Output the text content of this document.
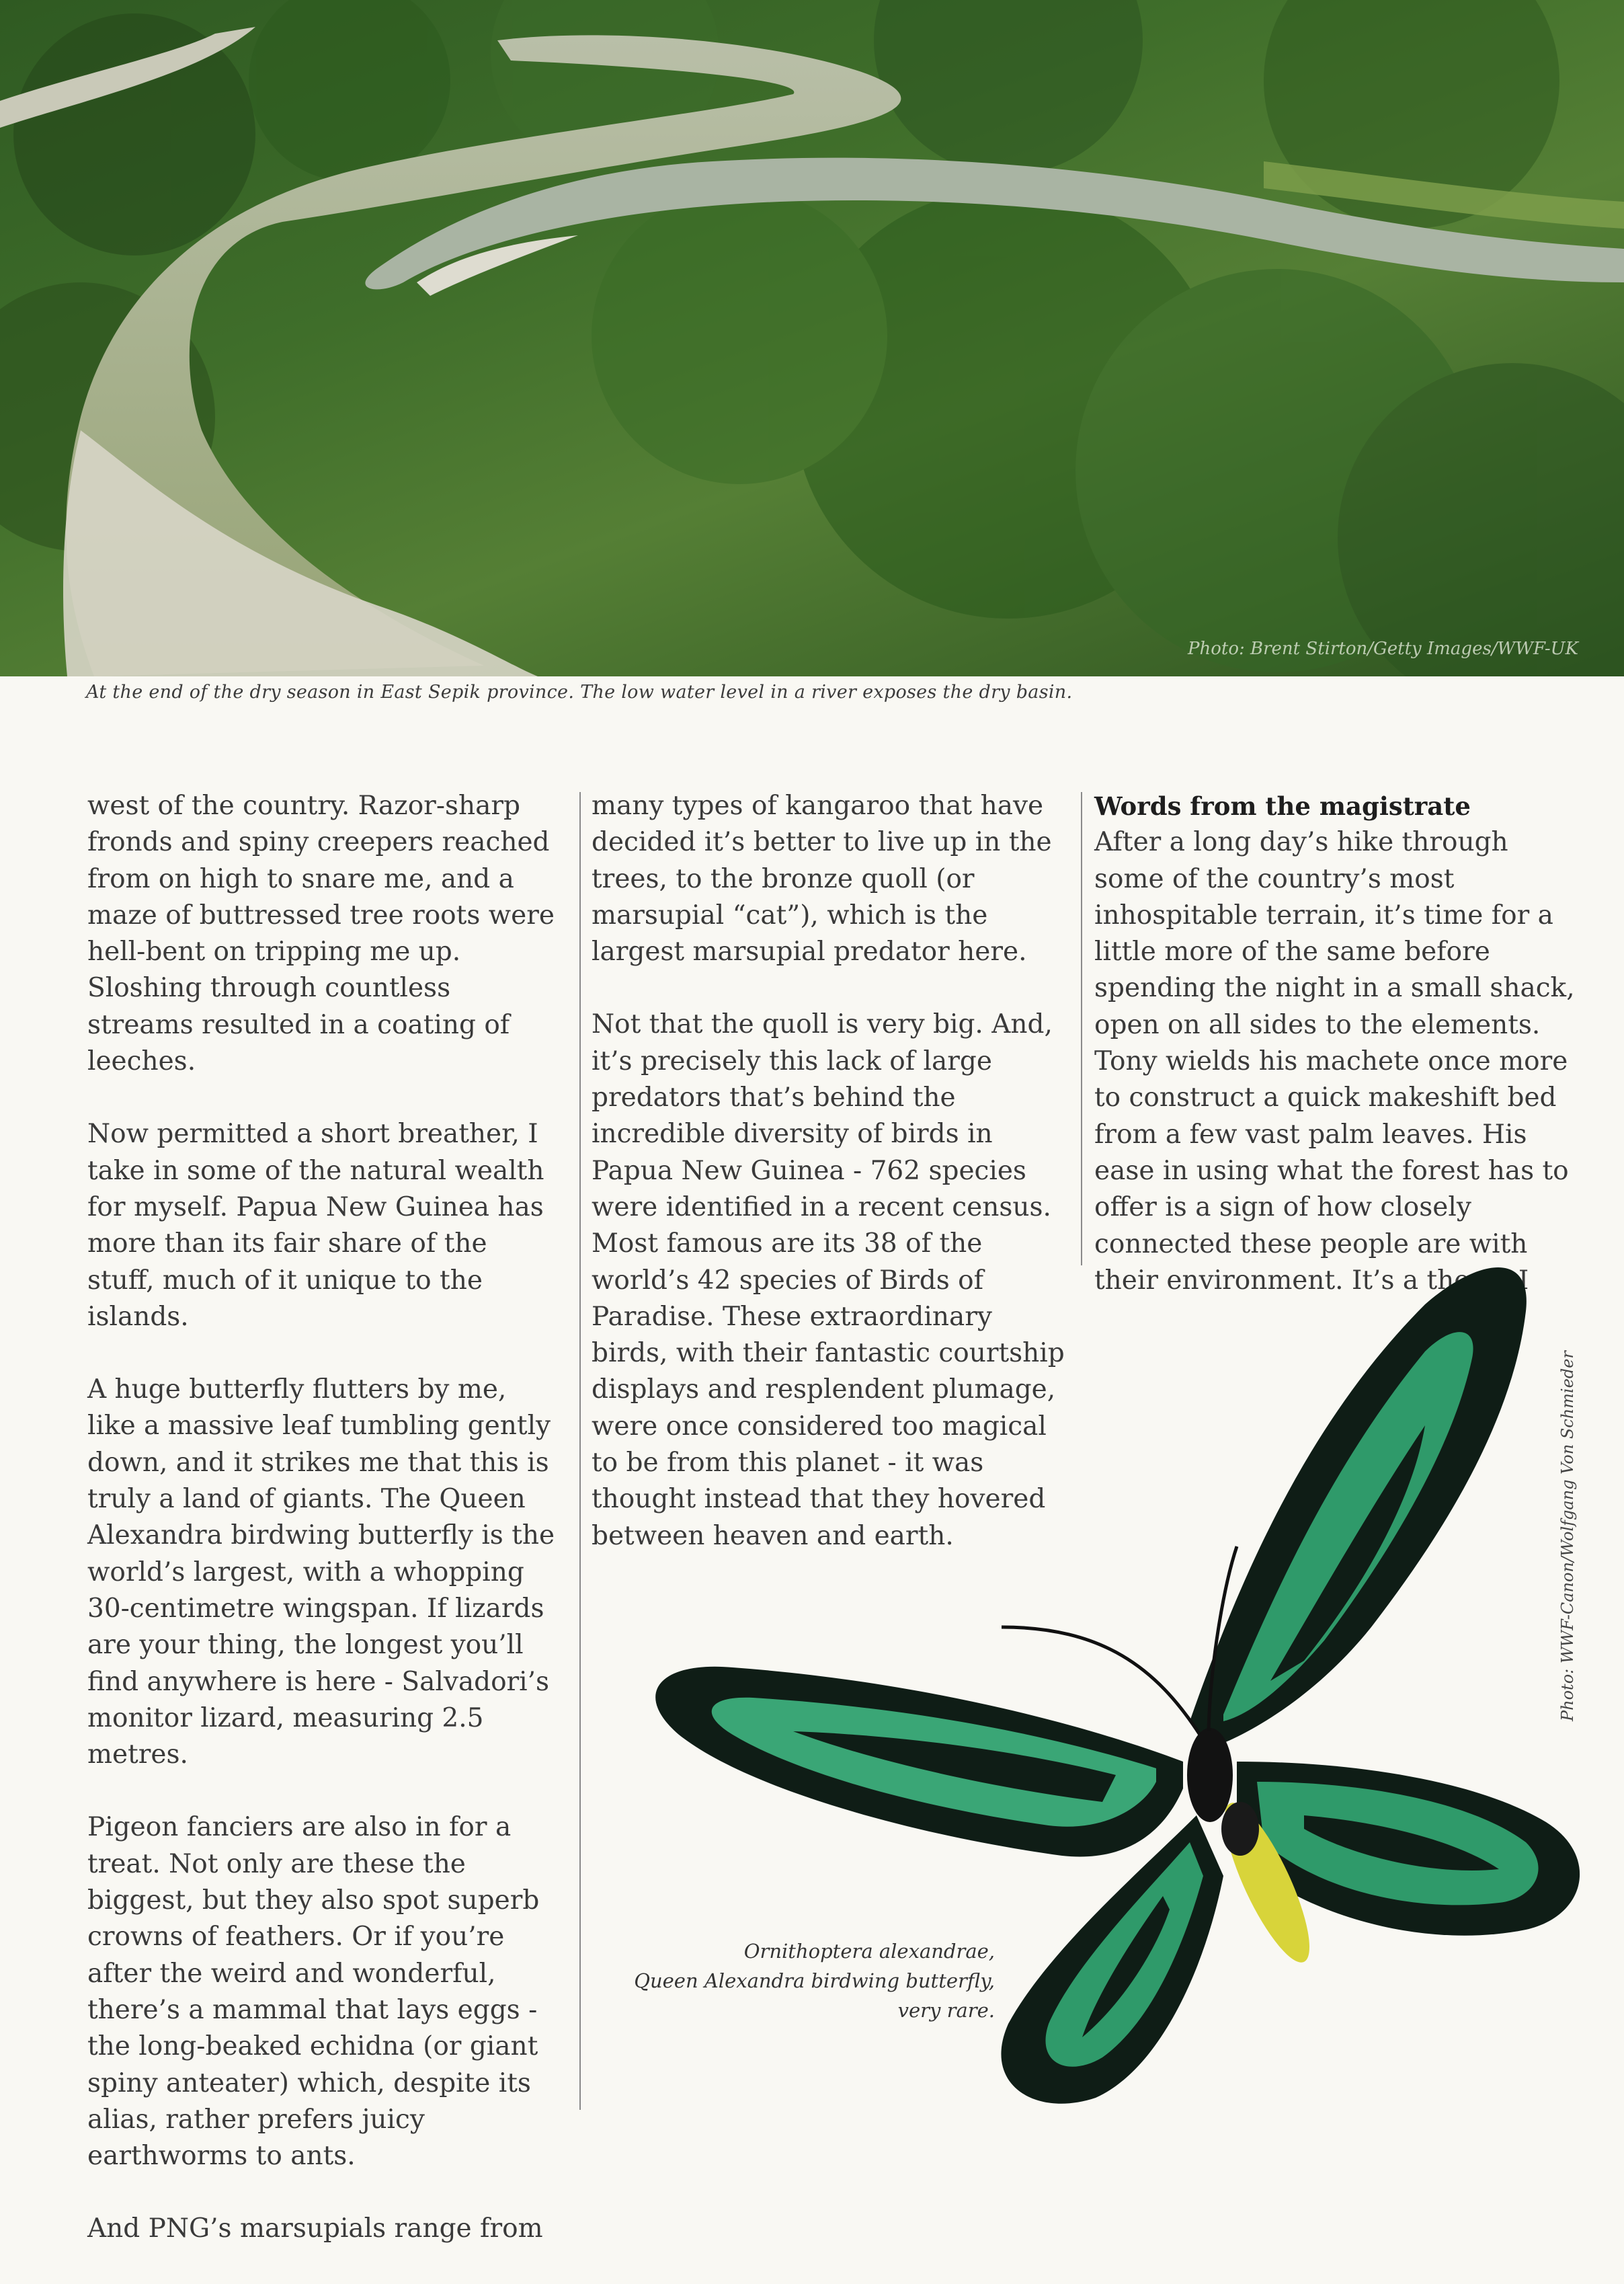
Photo: Brent Stirton/Getty Images/WWF-UK
At the end of the dry season in East Sepik province. The low water level in a river exposes the dry basin.

west of the country. Razor-sharp fronds and spiny creepers reached from on high to snare me, and a maze of buttressed tree roots were hell-bent on tripping me up. Sloshing through countless streams resulted in a coating of leeches.

Now permitted a short breather, I take in some of the natural wealth for myself. Papua New Guinea has more than its fair share of the stuff, much of it unique to the islands.

A huge butterfly flutters by me, like a massive leaf tumbling gently down, and it strikes me that this is truly a land of giants. The Queen Alexandra birdwing butterfly is the world’s largest, with a whopping 30-centimetre wingspan. If lizards are your thing, the longest you’ll find anywhere is here - Salvadori’s monitor lizard, measuring 2.5 metres.

Pigeon fanciers are also in for a treat. Not only are these the biggest, but they also spot superb crowns of feathers. Or if you’re after the weird and wonderful, there’s a mammal that lays eggs - the long-beaked echidna (or giant spiny anteater) which, despite its alias, rather prefers juicy earthworms to ants.

And PNG’s marsupials range from

many types of kangaroo that have decided it’s better to live up in the trees, to the bronze quoll (or marsupial “cat”), which is the largest marsupial predator here.

Not that the quoll is very big. And, it’s precisely this lack of large predators that’s behind the incredible diversity of birds in Papua New Guinea - 762 species were identified in a recent census. Most famous are its 38 of the world’s 42 species of Birds of Paradise. These extraordinary birds, with their fantastic courtship displays and resplendent plumage, were once considered too magical to be from this planet - it was thought instead that they hovered between heaven and earth.

Words from the magistrate

After a long day’s hike through some of the country’s most inhospitable terrain, it’s time for a little more of the same before spending the night in a small shack, open on all sides to the elements. Tony wields his machete once more to construct a quick makeshift bed from a few vast palm leaves. His ease in using what the forest has to offer is a sign of how closely connected these people are with their environment. It’s a theme I

Ornithoptera alexandrae,
Queen Alexandra birdwing butterfly,
very rare.
Photo: WWF-Canon/Wolfgang Von Schmieder
